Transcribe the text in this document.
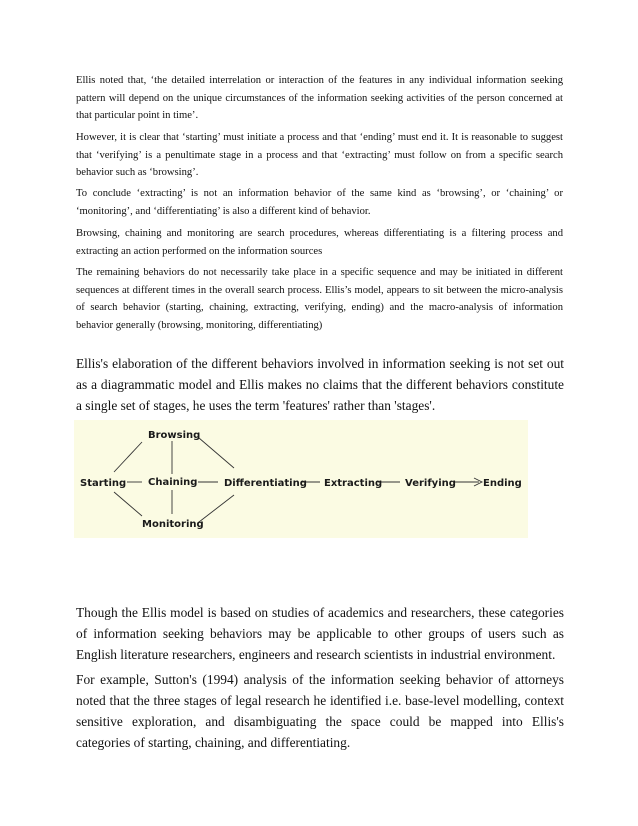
Ellis noted that, ‘the detailed interrelation or interaction of the features in any individual information seeking pattern will depend on the unique circumstances of the information seeking activities of the person concerned at that particular point in time’.

However, it is clear that ‘starting’ must initiate a process and that ‘ending’ must end it. It is reasonable to suggest that ‘verifying’ is a penultimate stage in a process and that ‘extracting’ must follow on from a specific search behavior such as ‘browsing’.

To conclude ‘extracting’ is not an information behavior of the same kind as ‘browsing’, or ‘chaining’ or ‘monitoring’, and ‘differentiating’ is also a different kind of behavior.

Browsing, chaining and monitoring are search procedures, whereas differentiating is a filtering process and extracting an action performed on the information sources

The remaining behaviors do not necessarily take place in a specific sequence and may be initiated in different sequences at different times in the overall search process. Ellis’s model, appears to sit between the micro-analysis of search behavior (starting, chaining, extracting, verifying, ending) and the macro-analysis of information behavior generally (browsing, monitoring, differentiating)

Ellis's elaboration of the different behaviors involved in information seeking is not set out as a diagrammatic model and Ellis makes no claims that the different behaviors constitute a single set of stages, he uses the term 'features' rather than 'stages'.

Browsing
Starting Chaining	Differentiating Extracting Verifying	Ending
Monitoring

Though the Ellis model is based on studies of academics and researchers, these categories of information seeking behaviors may be applicable to other groups of users such as English literature researchers, engineers and research scientists in industrial environment.

For example, Sutton's (1994) analysis of the information seeking behavior of attorneys noted that the three stages of legal research he identified i.e. base-level modelling, context sensitive exploration, and disambiguating the space could be mapped into Ellis's categories of starting, chaining, and differentiating.
